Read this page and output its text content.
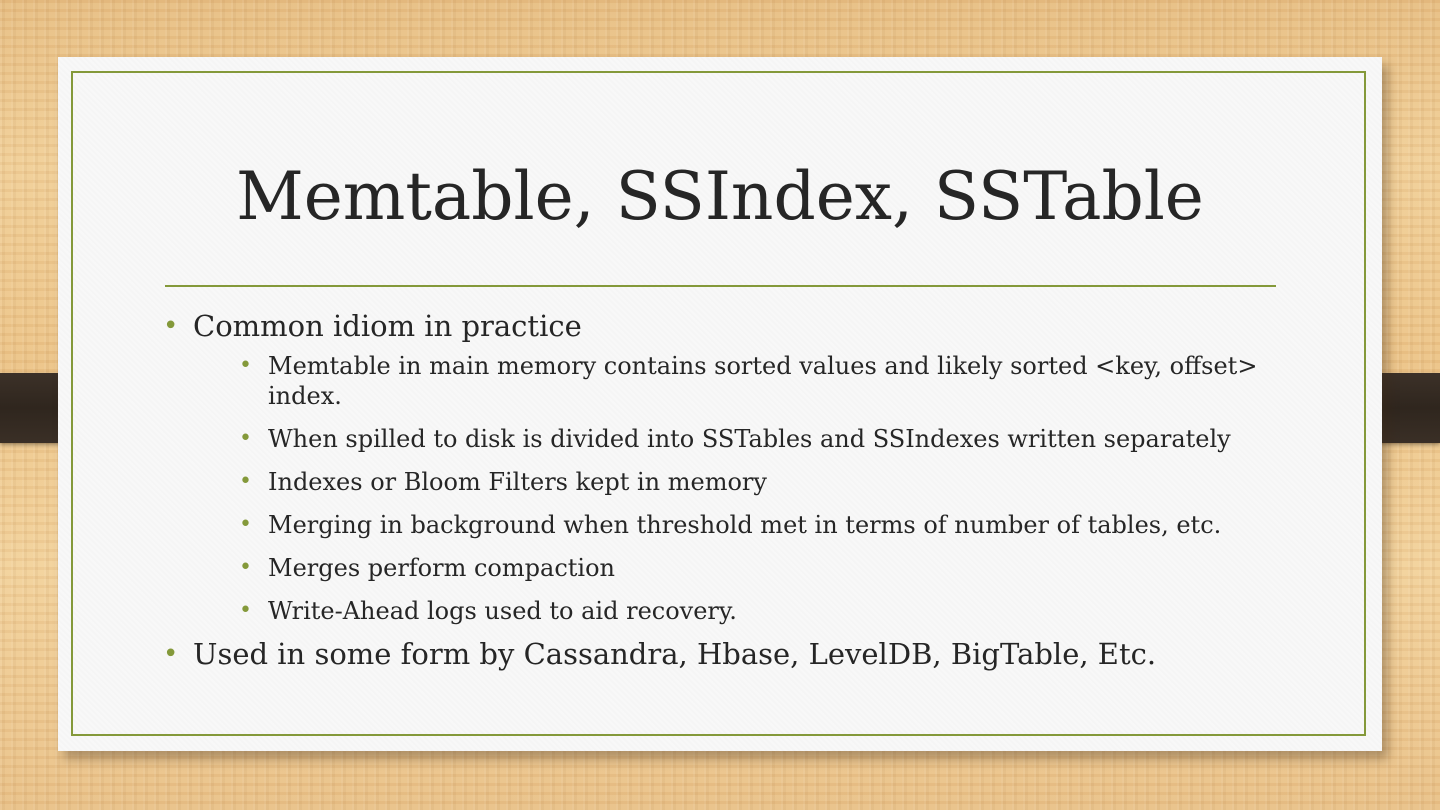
Memtable, SSIndex, SSTable
• Common idiom in practice
• Memtable in main memory contains sorted values and likely sorted <key, offset> index.
• When spilled to disk is divided into SSTables and SSIndexes written separately
• Indexes or Bloom Filters kept in memory
• Merging in background when threshold met in terms of number of tables, etc.
• Merges perform compaction
• Write-Ahead logs used to aid recovery.
• Used in some form by Cassandra, Hbase, LevelDB, BigTable, Etc.
